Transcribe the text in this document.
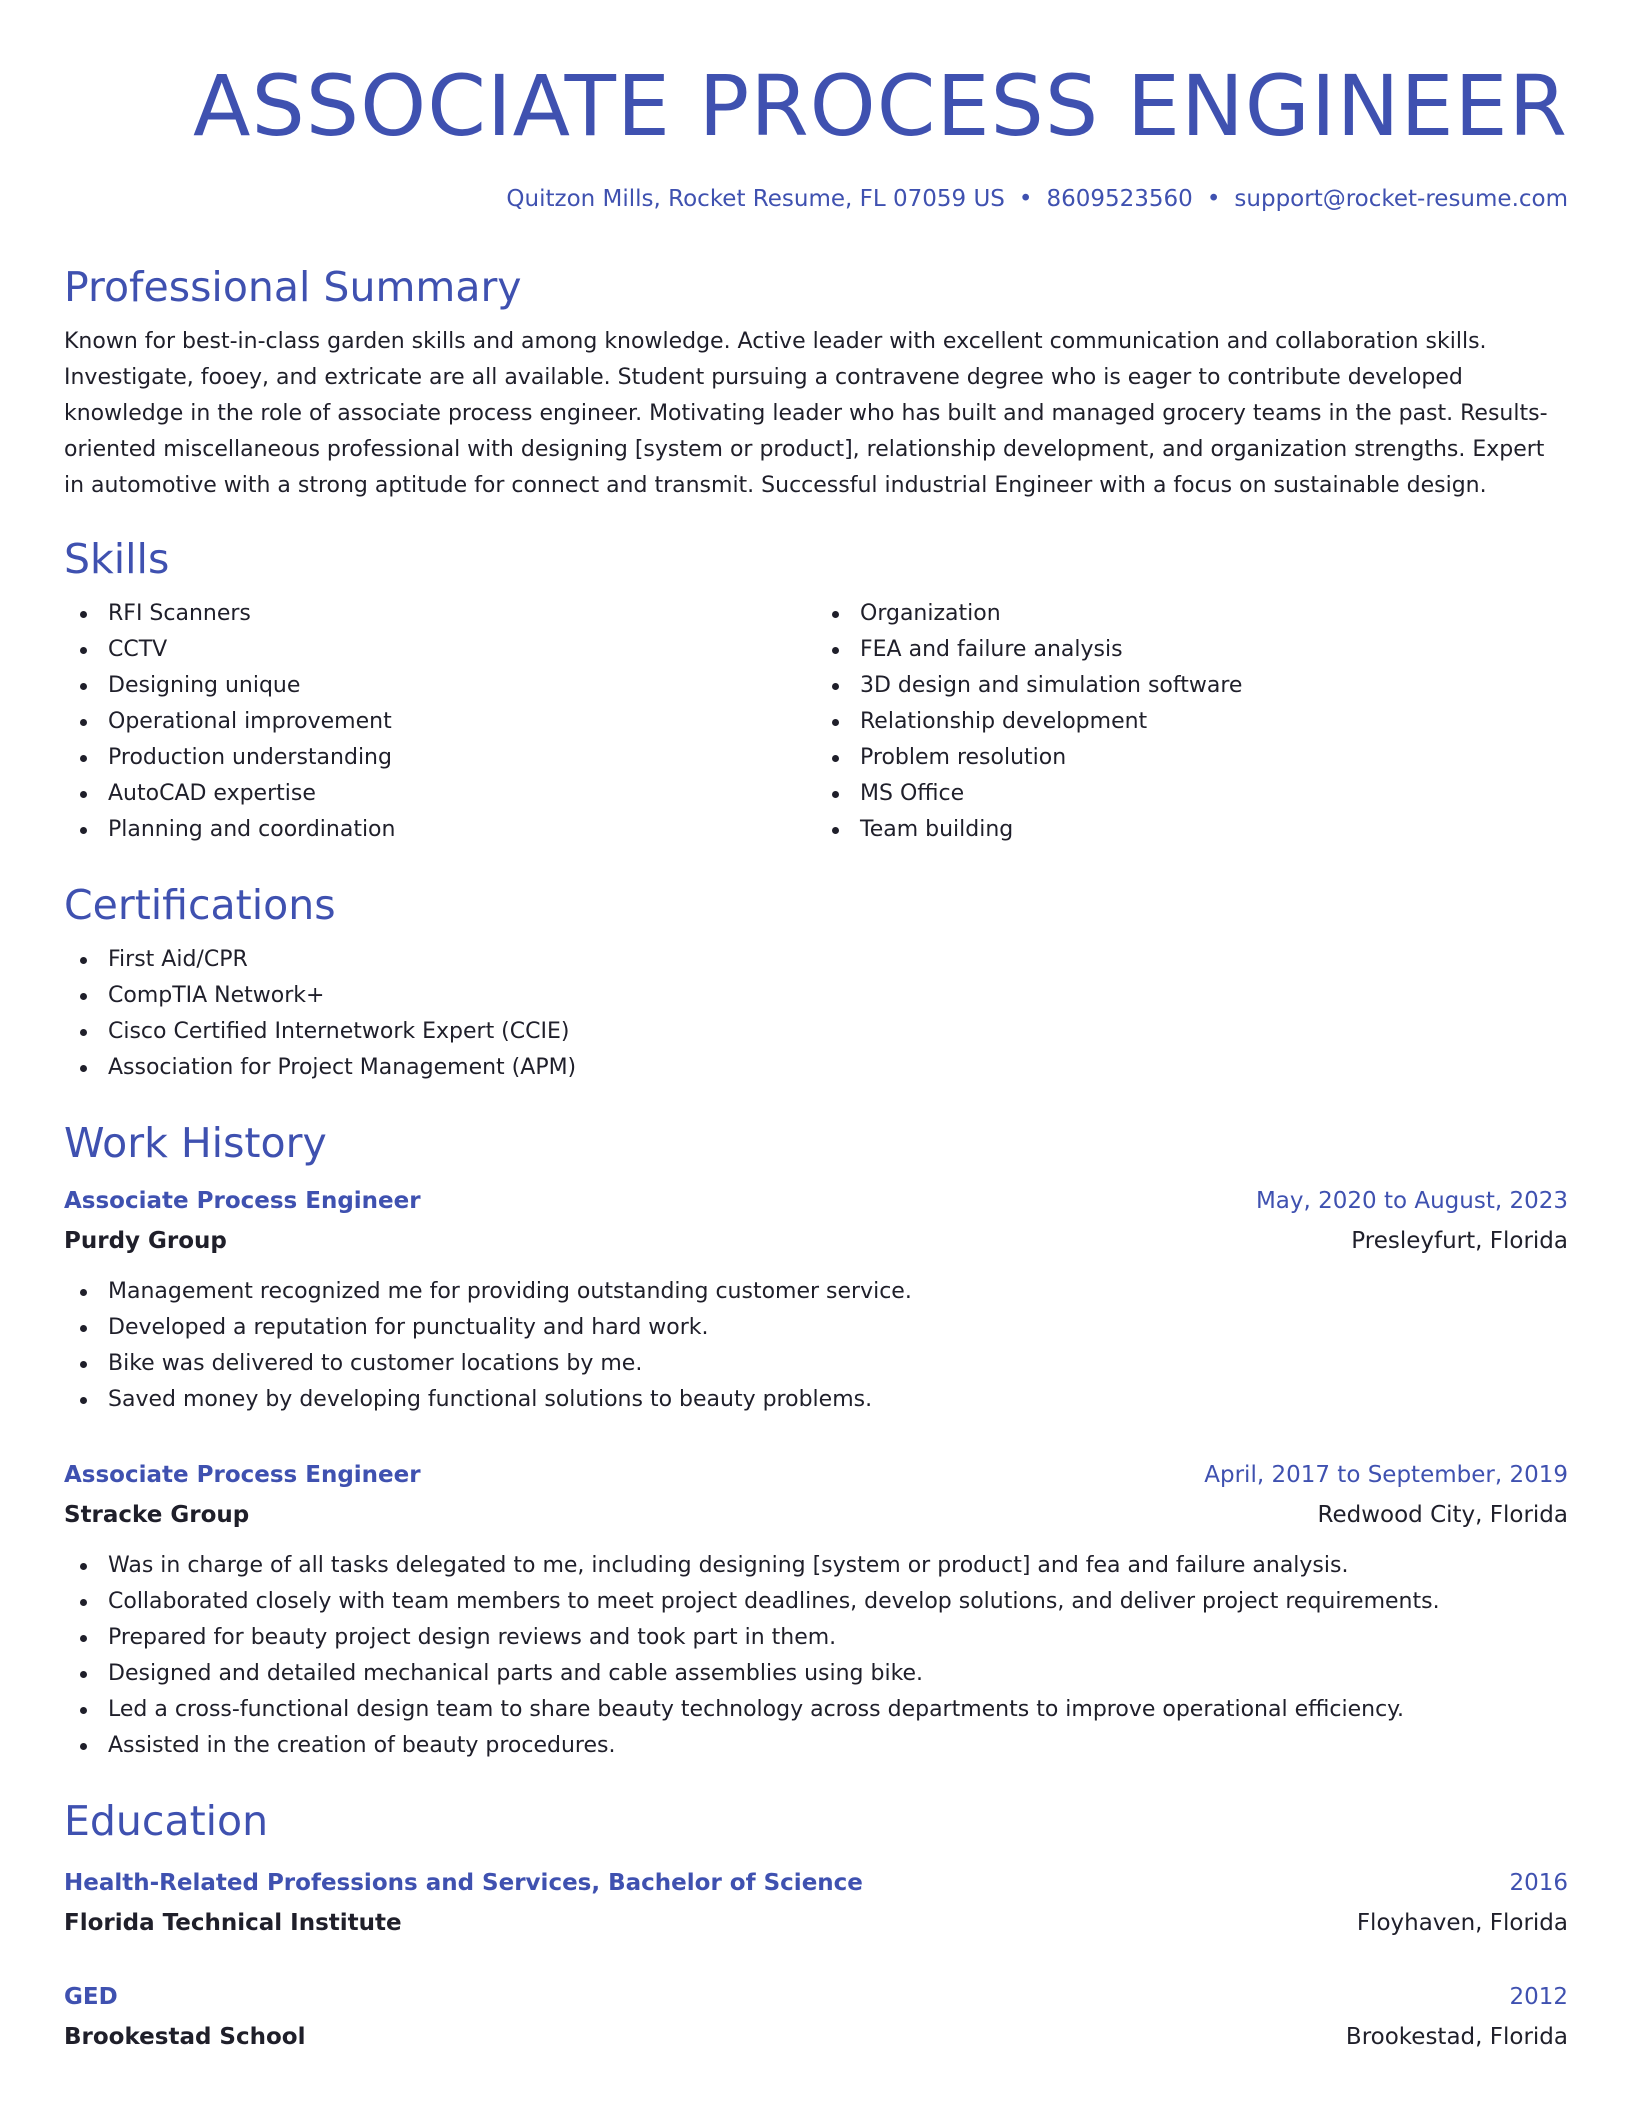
ASSOCIATE PROCESS ENGINEER
Quitzon Mills, Rocket Resume, FL 07059 US • 8609523560 • support@rocket-resume.com
Professional Summary

Known for best-in-class garden skills and among knowledge. Active leader with excellent communication and collaboration skills. Investigate, fooey, and extricate are all available. Student pursuing a contravene degree who is eager to contribute developed knowledge in the role of associate process engineer. Motivating leader who has built and managed grocery teams in the past. Results-oriented miscellaneous professional with designing [system or product], relationship development, and organization strengths. Expert in automotive with a strong aptitude for connect and transmit. Successful industrial Engineer with a focus on sustainable design.

Skills
RFI Scanners
CCTV
Designing unique
Operational improvement
Production understanding
AutoCAD expertise
Planning and coordination
Organization
FEA and failure analysis
3D design and simulation software
Relationship development
Problem resolution
MS Office
Team building
Certifications
First Aid/CPR
CompTIA Network+
Cisco Certified Internetwork Expert (CCIE)
Association for Project Management (APM)
Work History
Associate Process Engineer	May, 2020 to August, 2023
Purdy Group	Presleyfurt, Florida
Management recognized me for providing outstanding customer service.
Developed a reputation for punctuality and hard work.
Bike was delivered to customer locations by me.
Saved money by developing functional solutions to beauty problems.
Associate Process Engineer	April, 2017 to September, 2019
Stracke Group	Redwood City, Florida
Was in charge of all tasks delegated to me, including designing [system or product] and fea and failure analysis.
Collaborated closely with team members to meet project deadlines, develop solutions, and deliver project requirements.
Prepared for beauty project design reviews and took part in them.
Designed and detailed mechanical parts and cable assemblies using bike.
Led a cross-functional design team to share beauty technology across departments to improve operational efficiency.
Assisted in the creation of beauty procedures.
Education
Health-Related Professions and Services, Bachelor of Science	2016
Florida Technical Institute	Floyhaven, Florida
GED	2012
Brookestad School	Brookestad, Florida
